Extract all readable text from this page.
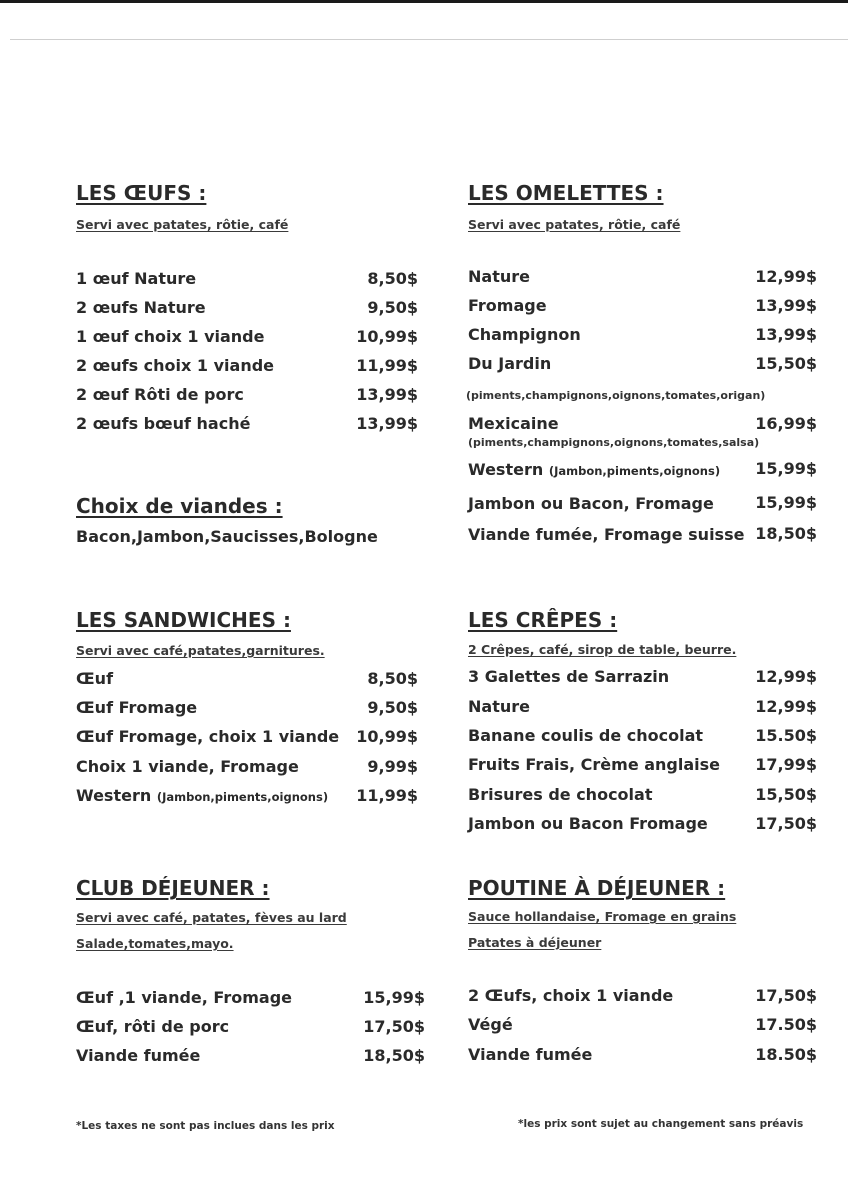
LES ŒUFS :
Servi avec patates, rôtie, café
1 œuf Nature	8,50$
2 œufs Nature	9,50$
1 œuf choix 1 viande	10,99$
2 œufs choix 1 viande	11,99$
2 œuf Rôti de porc	13,99$
2 œufs bœuf haché	13,99$
Choix de viandes :
Bacon,Jambon,Saucisses,Bologne
LES OMELETTES :
Servi avec patates, rôtie, café
Nature	12,99$
Fromage	13,99$
Champignon	13,99$
Du Jardin	15,50$
(piments,champignons,oignons,tomates,origan)
Mexicaine	16,99$
(piments,champignons,oignons,tomates,salsa)
Western (Jambon,piments,oignons) 15,99$
Jambon ou Bacon, Fromage	15,99$
Viande fumée, Fromage suisse 18,50$
LES SANDWICHES :
Servi avec café,patates,garnitures.
Œuf	8,50$
Œuf Fromage	9,50$
Œuf Fromage, choix 1 viande 10,99$
Choix 1 viande, Fromage	9,99$
Western (Jambon,piments,oignons) 11,99$
LES CRÊPES :
2 Crêpes, café, sirop de table, beurre.
3 Galettes de Sarrazin	12,99$
Nature	12,99$
Banane coulis de chocolat	15.50$
Fruits Frais, Crème anglaise 17,99$
Brisures de chocolat	15,50$
Jambon ou Bacon Fromage	17,50$
CLUB DÉJEUNER :
Servi avec café, patates, fèves au lard
Salade,tomates,mayo.
Œuf ,1 viande, Fromage	15,99$
Œuf, rôti de porc	17,50$
Viande fumée	18,50$
POUTINE À DÉJEUNER :
Sauce hollandaise, Fromage en grains
Patates à déjeuner
2 Œufs, choix 1 viande	17,50$
Végé	17.50$
Viande fumée	18.50$
*Les taxes ne sont pas inclues dans les prix	*les prix sont sujet au changement sans préavis
